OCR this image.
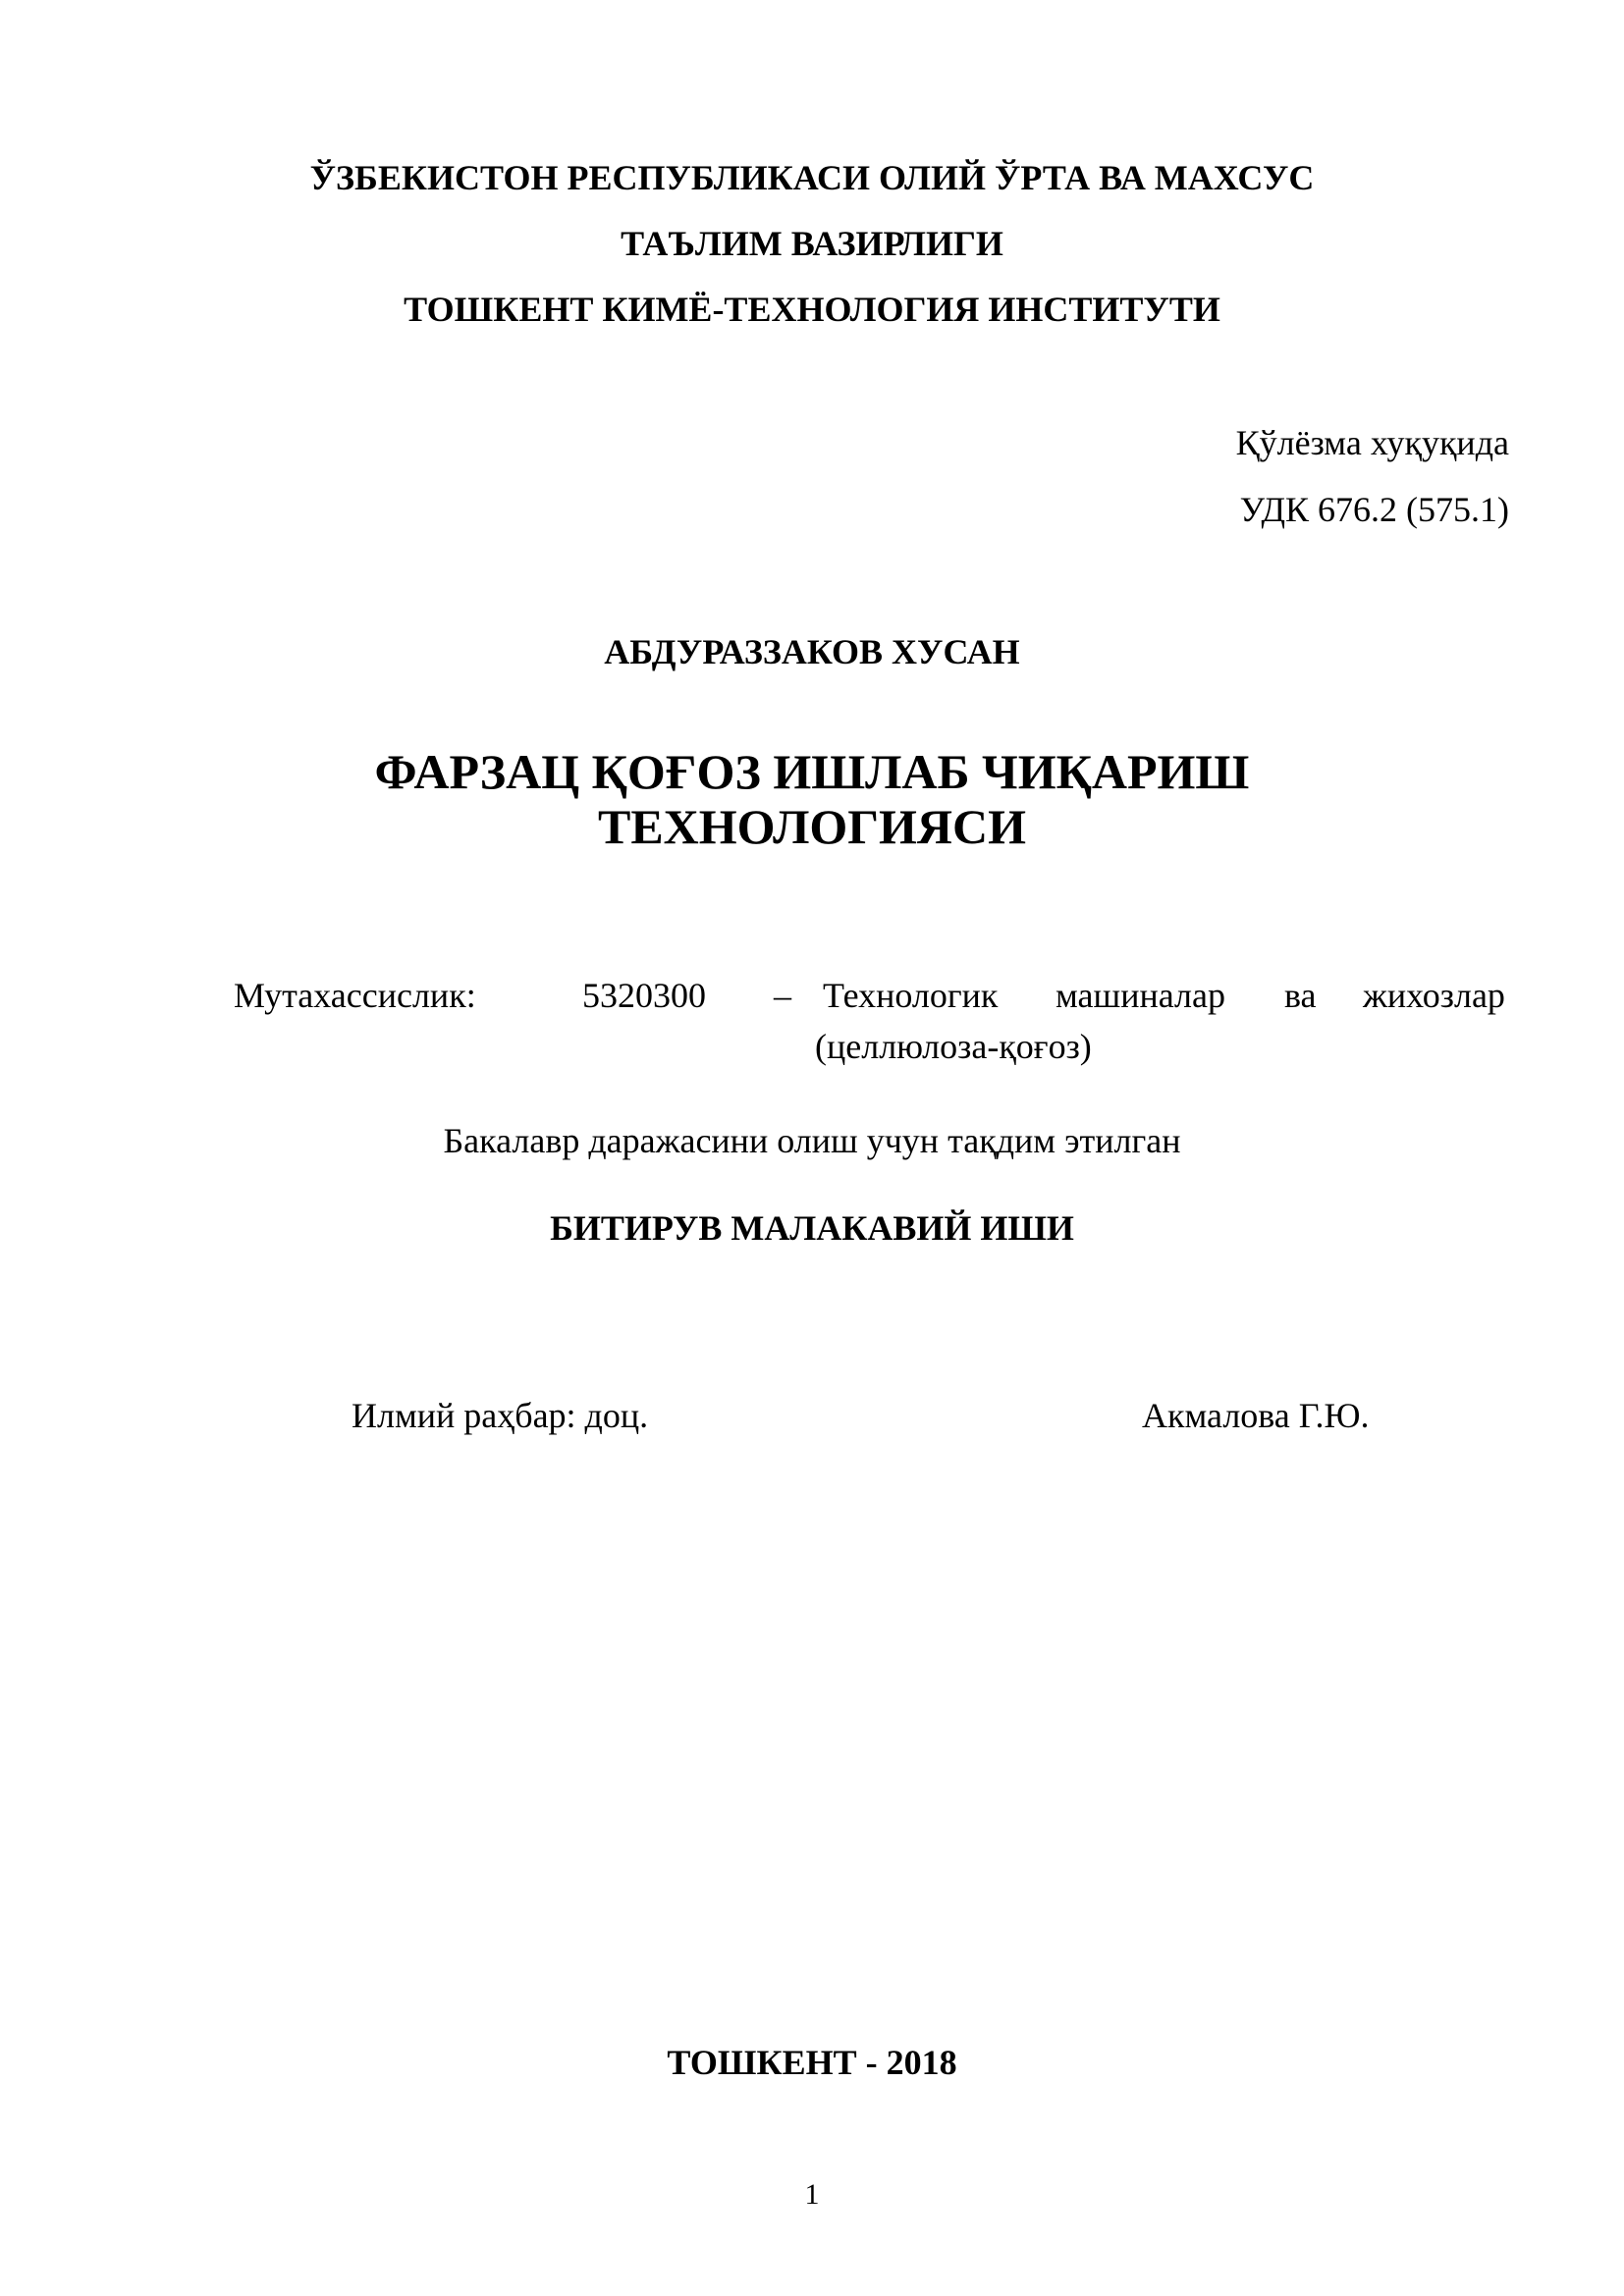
ЎЗБЕКИСТОН РЕСПУБЛИКАСИ ОЛИЙ ЎРТА ВА МАХСУС
ТАЪЛИМ ВАЗИРЛИГИ
ТОШКЕНТ КИМЁ-ТЕХНОЛОГИЯ ИНСТИТУТИ
Қўлёзма хуқуқида
УДК 676.2 (575.1)
АБДУРАЗЗАКОВ ХУСАН
ФАРЗАЦ ҚОҒОЗ ИШЛАБ ЧИҚАРИШ
ТЕХНОЛОГИЯСИ
Мутахассислик:	5320300 – Технологик машиналар ва жихозлар
(целлюлоза-қоғоз)
Бакалавр даражасини олиш учун тақдим этилган
БИТИРУВ МАЛАКАВИЙ ИШИ
Илмий раҳбар: доц.	Акмалова Г.Ю.
ТОШКЕНТ - 2018
1
